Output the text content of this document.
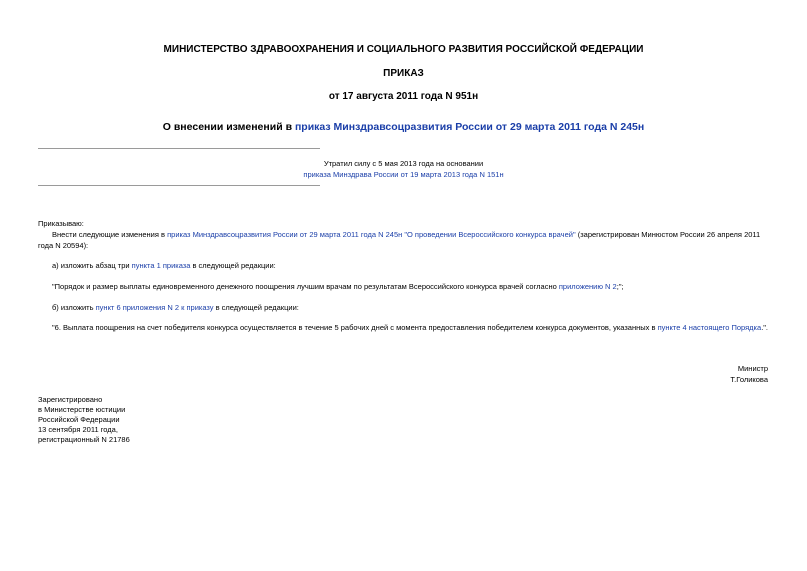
МИНИСТЕРСТВО ЗДРАВООХРАНЕНИЯ И СОЦИАЛЬНОГО РАЗВИТИЯ РОССИЙСКОЙ ФЕДЕРАЦИИ
ПРИКАЗ
от 17 августа 2011 года N 951н
О внесении изменений в приказ Минздравсоцразвития России от 29 марта 2011 года N 245н
Утратил силу с 5 мая 2013 года на основании
приказа Минздрава России от 19 марта 2013 года N 151н
Приказываю:
Внести следующие изменения в приказ Минздравсоцразвития России от 29 марта 2011 года N 245н "О проведении Всероссийского конкурса врачей" (зарегистрирован Минюстом России 26 апреля 2011 года N 20594):
а) изложить абзац три пункта 1 приказа в следующей редакции:
"Порядок и размер выплаты единовременного денежного поощрения лучшим врачам по результатам Всероссийского конкурса врачей согласно приложению N 2;";
б) изложить пункт 6 приложения N 2 к приказу в следующей редакции:
"6. Выплата поощрения на счет победителя конкурса осуществляется в течение 5 рабочих дней с момента предоставления победителем конкурса документов, указанных в пункте 4 настоящего Порядка.".
Министр
Т.Голикова
Зарегистрировано
в Министерстве юстиции
Российской Федерации
13 сентября 2011 года,
регистрационный N 21786
